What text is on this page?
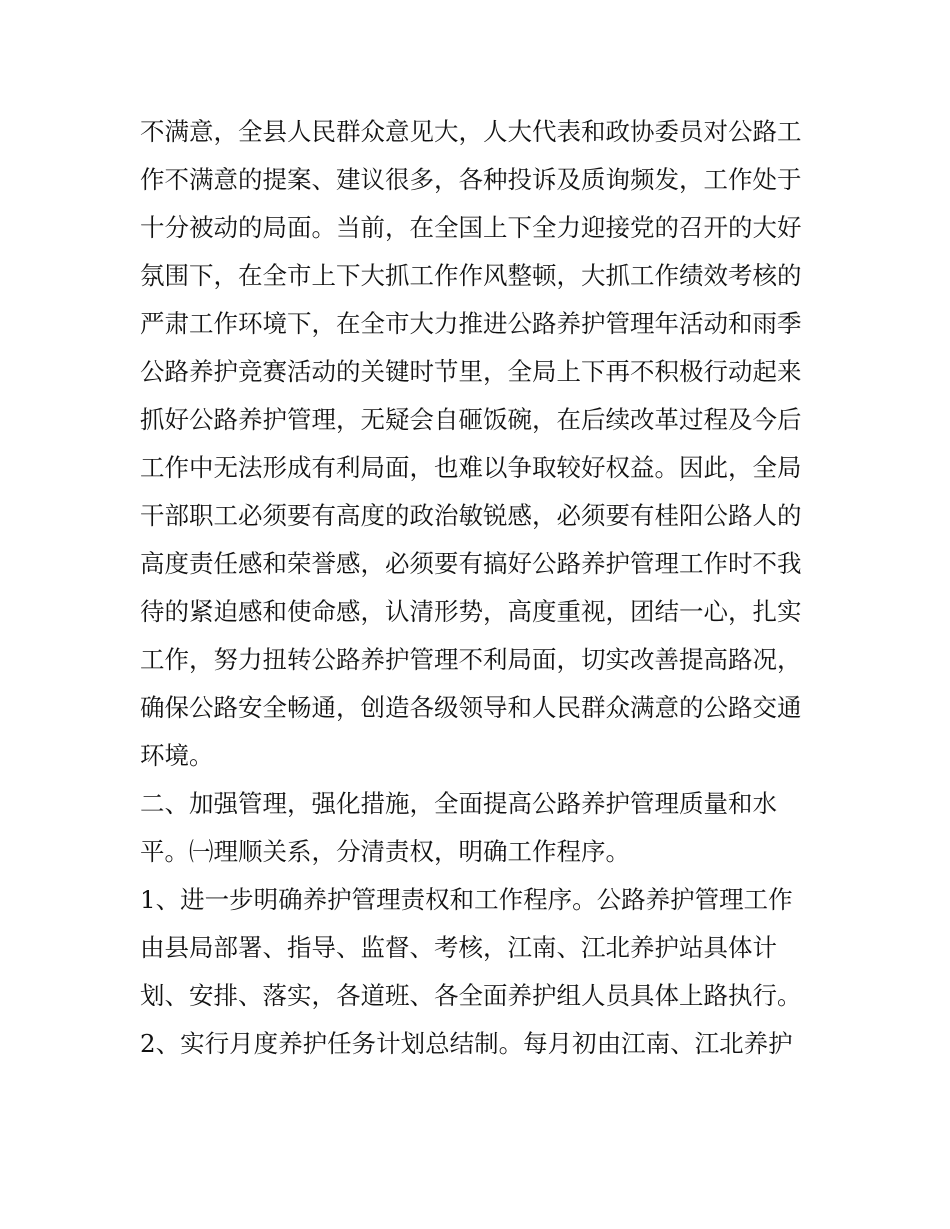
不满意，全县人民群众意见大，人大代表和政协委员对公路工
作不满意的提案、建议很多，各种投诉及质询频发，工作处于
十分被动的局面。当前，在全国上下全力迎接党的召开的大好
氛围下，在全市上下大抓工作作风整顿，大抓工作绩效考核的
严肃工作环境下，在全市大力推进公路养护管理年活动和雨季
公路养护竞赛活动的关键时节里，全局上下再不积极行动起来
抓好公路养护管理，无疑会自砸饭碗，在后续改革过程及今后
工作中无法形成有利局面，也难以争取较好权益。因此，全局
干部职工必须要有高度的政治敏锐感，必须要有桂阳公路人的
高度责任感和荣誉感，必须要有搞好公路养护管理工作时不我
待的紧迫感和使命感，认清形势，高度重视，团结一心，扎实
工作，努力扭转公路养护管理不利局面，切实改善提高路况，
确保公路安全畅通，创造各级领导和人民群众满意的公路交通
环境。
二、加强管理，强化措施，全面提高公路养护管理质量和水
平。㈠理顺关系，分清责权，明确工作程序。
1、进一步明确养护管理责权和工作程序。公路养护管理工作
由县局部署、指导、监督、考核，江南、江北养护站具体计
划、安排、落实，各道班、各全面养护组人员具体上路执行。
2、实行月度养护任务计划总结制。每月初由江南、江北养护
